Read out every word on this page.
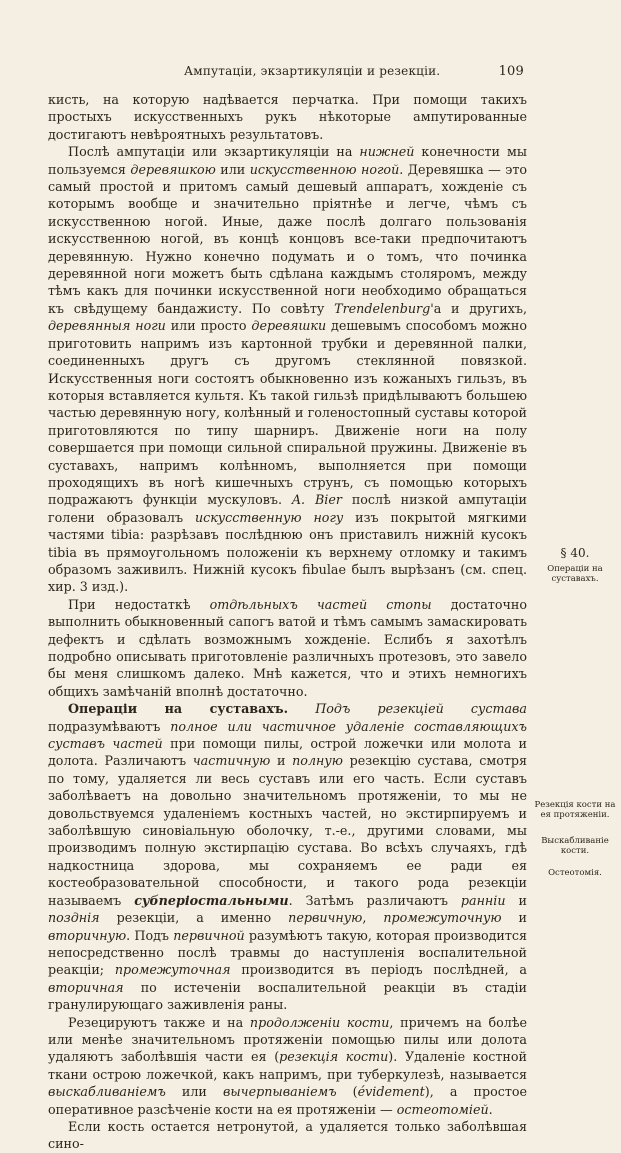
Ампутаціи, экзартикуляціи и резекціи.	109

кисть, на которую надѣвается перчатка. При помощи такихъ простыхъ искусственныхъ рукъ нѣкоторые ампутированные достигаютъ невѣроятныхъ результатовъ.

Послѣ ампутаціи или экзартикуляціи на нижней конечности мы пользуемся деревяшкою или искусственною ногой. Деревяшка — это самый простой и притомъ самый дешевый аппаратъ, хожденіе съ которымъ вообще и значительно пріятнѣе и легче, чѣмъ съ искусственною ногой. Иные, даже послѣ долгаго пользованія искусственною ногой, въ концѣ концовъ все-таки предпочитаютъ деревянную. Нужно конечно подумать и о томъ, что починка деревянной ноги можетъ быть сдѣлана каждымъ столяромъ, между тѣмъ какъ для починки искусственной ноги необходимо обращаться къ свѣдущему бандажисту. По совѣту Trendelenburg'а и другихъ, деревянныя ноги или просто деревяшки дешевымъ способомъ можно приготовить напримъ изъ картонной трубки и деревянной палки, соединенныхъ другъ съ другомъ стеклянной повязкой. Искусственныя ноги состоятъ обыкновенно изъ кожаныхъ гильзъ, въ которыя вставляется культя. Къ такой гильзѣ придѣлываютъ большею частью деревянную ногу, колѣнный и голеностопный суставы которой приготовляются по типу шарниръ. Движеніе ноги на полу совершается при помощи сильной спиральной пружины. Движеніе въ суставахъ, напримъ колѣнномъ, выполняется при помощи проходящихъ въ ногѣ кишечныхъ струнъ, съ помощью которыхъ подражаютъ функціи мускуловъ. A. Bier послѣ низкой ампутаціи голени образовалъ искусственную ногу изъ покрытой мягкими частями tibia: разрѣзавъ послѣднюю онъ приставилъ нижній кусокъ tibia въ прямоугольномъ положеніи къ верхнему отломку и такимъ образомъ заживилъ. Нижній кусокъ fibulae былъ вырѣзанъ (см. спец. хир. 3 изд.).

При недостаткѣ отдѣльныхъ частей стопы достаточно выполнить обыкновенный сапогъ ватой и тѣмъ самымъ замаскировать дефектъ и сдѣлать возможнымъ хожденіе. Еслибъ я захотѣлъ подробно описывать приготовленіе различныхъ протезовъ, это завело бы меня слишкомъ далеко. Мнѣ кажется, что и этихъ немногихъ общихъ замѣчаній вполнѣ достаточно.

Операціи на суставахъ. Подъ резекціей сустава подразумѣваютъ полное или частичное удаленіе составляющихъ суставъ частей при помощи пилы, острой ложечки или молота и долота. Различаютъ частичную и полную резекцію сустава, смотря по тому, удаляется ли весь суставъ или его часть. Если суставъ заболѣваетъ на довольно значительномъ протяженіи, то мы не довольствуемся удаленіемъ костныхъ частей, но экстирпируемъ и заболѣвшую синовіальную оболочку, т.-е., другими словами, мы производимъ полную экстирпацію сустава. Во всѣхъ случаяхъ, гдѣ надкостница здорова, мы сохраняемъ ее ради ея костеобразовательной способности, и такого рода резекціи называемъ субперіостальными. Затѣмъ различаютъ ранніи и позднія резекціи, а именно первичную, промежуточную и вторичную. Подъ первичной разумѣютъ такую, которая производится непосредственно послѣ травмы до наступленія воспалительной реакціи; промежуточная производится въ періодъ послѣдней, а вторичная по истеченіи воспалительной реакціи въ стадіи гранулирующаго заживленія раны.

Резецируютъ также и на продолженіи кости, причемъ на болѣе или менѣе значительномъ протяженіи помощью пилы или долота удаляютъ заболѣвшія части ея (резекція кости). Удаленіе костной ткани острою ложечкой, какъ напримъ, при туберкулезѣ, называется выскабливаніемъ или вычерпываніемъ (évidement), а простое оперативное разсѣченіе кости на ея протяженіи — остеотоміей.

Если кость остается нетронутой, а удаляется только заболѣвшая сино-

§ 40.
Операціи на суставахъ.
Резекція кости на ея протяженіи.
Выскабливаніе кости.
Остеотомія.
